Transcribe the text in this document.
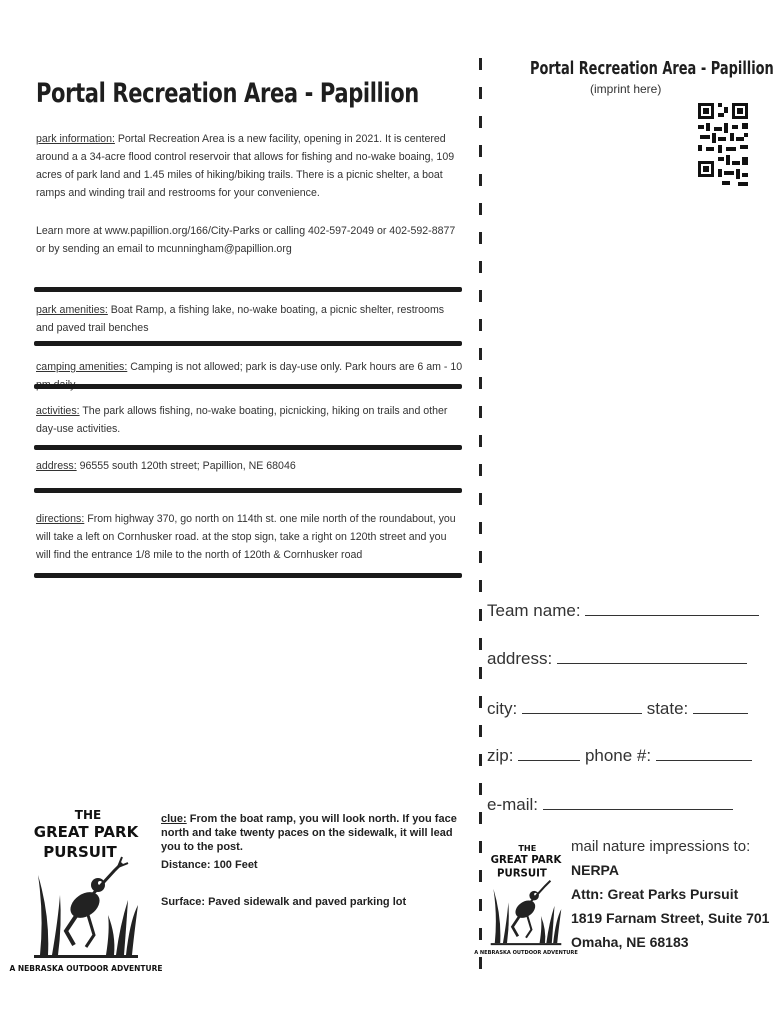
Portal Recreation Area - Papillion
park information: Portal Recreation Area is a new facility, opening in 2021. It is centered around a a 34-acre flood control reservoir that allows for fishing and no-wake boaing, 109 acres of park land and 1.45 miles of hiking/biking trails. There is a picnic shelter, a boat ramps and winding trail and restrooms for your convenience.
Learn more at www.papillion.org/166/City-Parks or calling 402-597-2049 or 402-592-8877 or by sending an email to mcunningham@papillion.org
park amenities: Boat Ramp, a fishing lake, no-wake boating, a picnic shelter, restrooms and paved trail benches
camping amenities: Camping is not allowed; park is day-use only. Park hours are 6 am - 10
activities: The park allows fishing, no-wake boating, picnicking, hiking on trails and other day-use activities.
address: 96555 south 120th street; Papillion, NE 68046
directions: From highway 370, go north on 114th st. one mile north of the roundabout, you will take a left on Cornhusker road. at the stop sign, take a right on 120th street and you will find the entrance 1/8 mile to the north of 120th & Cornhusker road
THE
GREAT PARK
PURSUIT
A NEBRASKA OUTDOOR ADVENTURE
clue: From the boat ramp, you will look north. If you face north and take twenty paces on the sidewalk, it will lead you to the post.
Distance: 100 Feet
Surface: Paved sidewalk and paved parking lot
Portal Recreation Area - Papillion
(imprint here)
Team name:
address:
city:	state:
zip:	phone #:
e-mail:
THE
GREAT PARK
PURSUIT
A NEBRASKA OUTDOOR ADVENTURE
mail nature impressions to:
NERPA
Attn: Great Parks Pursuit
1819 Farnam Street, Suite 701
Omaha, NE 68183
